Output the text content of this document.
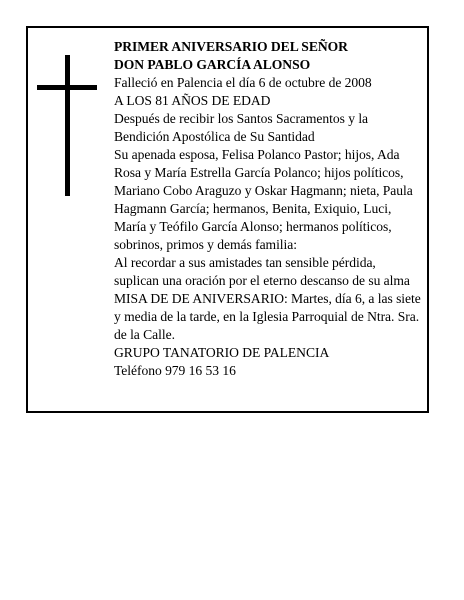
PRIMER ANIVERSARIO DEL SEÑOR

DON PABLO GARCÍA ALONSO

Falleció en Palencia el día 6 de octubre de 2008

A LOS 81 AÑOS DE EDAD

Después de recibir los Santos Sacramentos y la Bendición Apostólica de Su Santidad

Su apenada esposa, Felisa Polanco Pastor; hijos, Ada Rosa y María Estrella García Polanco; hijos políticos, Mariano Cobo Araguzo y Oskar Hagmann; nieta, Paula Hagmann García; hermanos, Benita, Exiquio, Luci, María y Teófilo García Alonso; hermanos políticos, sobrinos, primos y demás familia:

Al recordar a sus amistades tan sensible pérdida, suplican una oración por el eterno descanso de su alma

MISA DE DE ANIVERSARIO: Martes, día 6, a las siete y media de la tarde, en la Iglesia Parroquial de Ntra. Sra. de la Calle.

GRUPO TANATORIO DE PALENCIA

Teléfono 979 16 53 16
